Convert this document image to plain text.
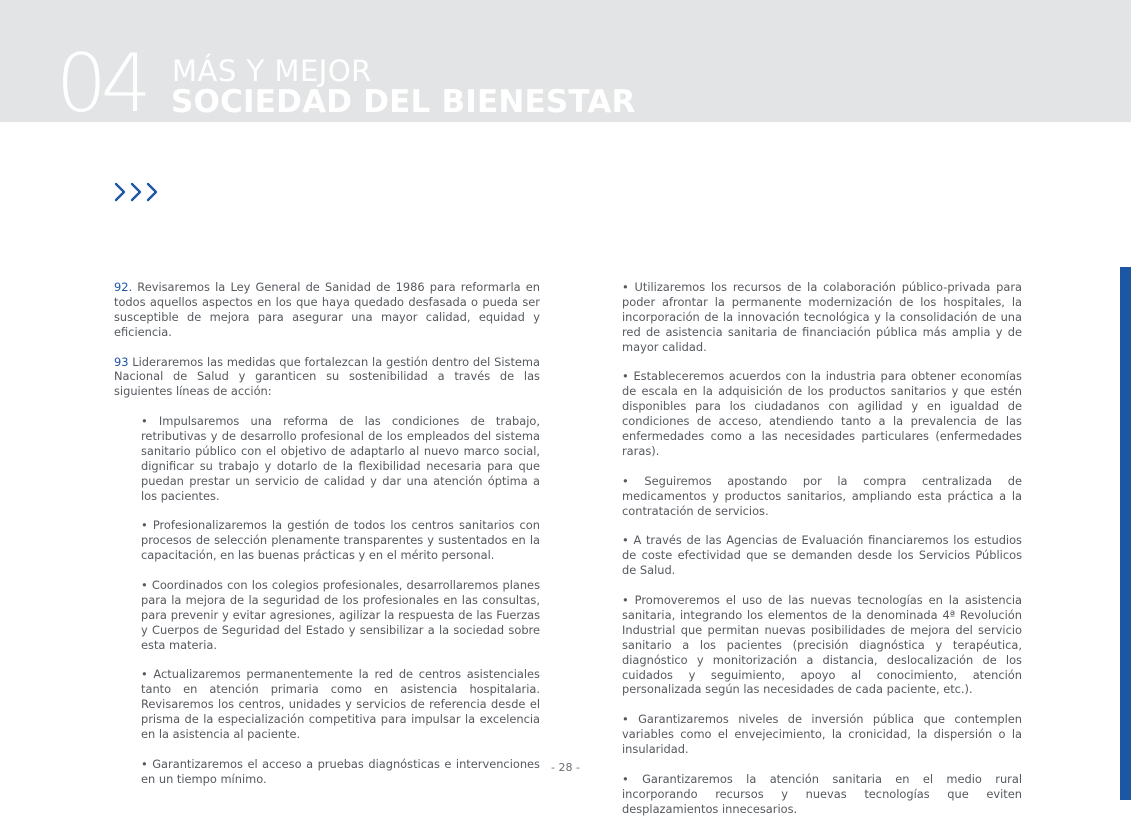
04 MÁS Y MEJOR
SOCIEDAD DEL BIENESTAR

92. Revisaremos la Ley General de Sanidad de 1986 para reformarla en todos aquellos aspectos en los que haya quedado desfasada o pueda ser susceptible de mejora para asegurar una mayor calidad, equidad y eficiencia.

93 Lideraremos las medidas que fortalezcan la gestión dentro del Sistema Nacional de Salud y garanticen su sostenibilidad a través de las siguientes líneas de acción:

• Impulsaremos una reforma de las condiciones de trabajo, retributivas y de desarrollo profesional de los empleados del sistema sanitario público con el objetivo de adaptarlo al nuevo marco social, dignificar su trabajo y dotarlo de la flexibilidad necesaria para que puedan prestar un servicio de calidad y dar una atención óptima a los pacientes.

• Profesionalizaremos la gestión de todos los centros sanitarios con procesos de selección plenamente transparentes y sustentados en la capacitación, en las buenas prácticas y en el mérito personal.

• Coordinados con los colegios profesionales, desarrollaremos planes para la mejora de la seguridad de los profesionales en las consultas, para prevenir y evitar agresiones, agilizar la respuesta de las Fuerzas y Cuerpos de Seguridad del Estado y sensibilizar a la sociedad sobre esta materia.

• Actualizaremos permanentemente la red de centros asistenciales tanto en atención primaria como en asistencia hospitalaria. Revisaremos los centros, unidades y servicios de referencia desde el prisma de la especialización competitiva para impulsar la excelencia en la asistencia al paciente.

• Garantizaremos el acceso a pruebas diagnósticas e intervenciones en un tiempo mínimo.

• Utilizaremos los recursos de la colaboración público-privada para poder afrontar la permanente modernización de los hospitales, la incorporación de la innovación tecnológica y la consolidación de una red de asistencia sanitaria de financiación pública más amplia y de mayor calidad.

• Estableceremos acuerdos con la industria para obtener economías de escala en la adquisición de los productos sanitarios y que estén disponibles para los ciudadanos con agilidad y en igualdad de condiciones de acceso, atendiendo tanto a la prevalencia de las enfermedades como a las necesidades particulares (enfermedades raras).

• Seguiremos apostando por la compra centralizada de medicamentos y productos sanitarios, ampliando esta práctica a la contratación de servicios.

• A través de las Agencias de Evaluación financiaremos los estudios de coste efectividad que se demanden desde los Servicios Públicos de Salud.

• Promoveremos el uso de las nuevas tecnologías en la asistencia sanitaria, integrando los elementos de la denominada 4ª Revolución Industrial que permitan nuevas posibilidades de mejora del servicio sanitario a los pacientes (precisión diagnóstica y terapéutica, diagnóstico y monitorización a distancia, deslocalización de los cuidados y seguimiento, apoyo al conocimiento, atención personalizada según las necesidades de cada paciente, etc.).

• Garantizaremos niveles de inversión pública que contemplen variables como el envejecimiento, la cronicidad, la dispersión o la insularidad.

• Garantizaremos la atención sanitaria en el medio rural incorporando recursos y nuevas tecnologías que eviten desplazamientos innecesarios.

- 28 -
